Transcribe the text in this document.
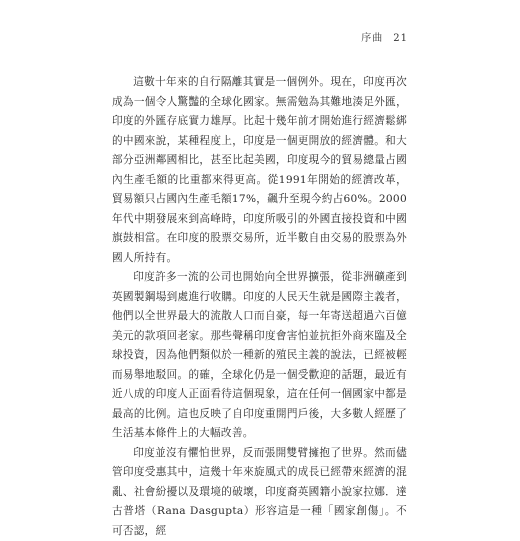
序曲 21

這數十年來的自行隔離其實是一個例外。現在，印度再次成為一個令人驚豔的全球化國家。無需勉為其難地湊足外匯，印度的外匯存底實力雄厚。比起十幾年前才開始進行經濟鬆綁的中國來說，某種程度上，印度是一個更開放的經濟體。和大部分亞洲鄰國相比，甚至比起美國，印度現今的貿易總量占國內生產毛額的比重都來得更高。從1991年開始的經濟改革，貿易額只占國內生產毛額17%，飆升至現今約占60%。2000年代中期發展來到高峰時，印度所吸引的外國直接投資和中國旗鼓相當。在印度的股票交易所，近半數自由交易的股票為外國人所持有。

印度許多一流的公司也開始向全世界擴張，從非洲礦產到英國製鋼場到處進行收購。印度的人民天生就是國際主義者，他們以全世界最大的流散人口而自豪，每一年寄送超過六百億美元的款項回老家。那些聲稱印度會害怕並抗拒外商來臨及全球投資，因為他們類似於一種新的殖民主義的說法，已經被輕而易舉地駁回。的確，全球化仍是一個受歡迎的話題，最近有近八成的印度人正面看待這個現象，這在任何一個國家中都是最高的比例。這也反映了自印度重開門戶後，大多數人經歷了生活基本條件上的大幅改善。

印度並沒有懼怕世界，反而張開雙臂擁抱了世界。然而儘管印度受惠其中，這幾十年來旋風式的成長已經帶來經濟的混亂、社會紛擾以及環境的破壞，印度裔英國籍小說家拉娜．達古普塔（Rana Dasgupta）形容這是一種「國家創傷」。不可否認，經
